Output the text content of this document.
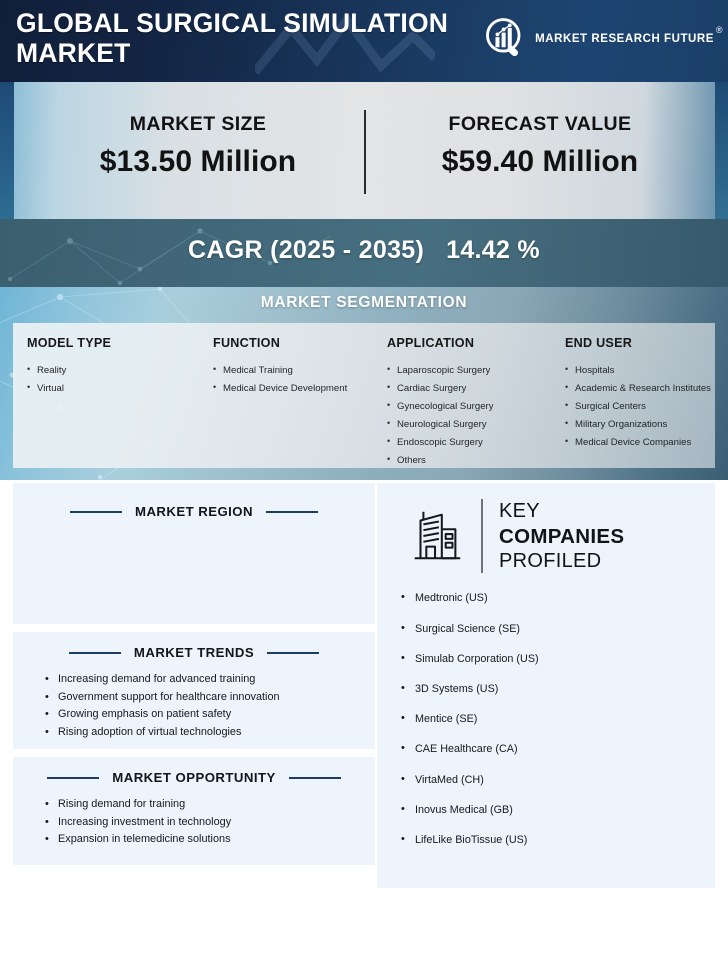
GLOBAL SURGICAL SIMULATION MARKET	MARKET RESEARCH FUTURE
®
MARKET SIZE
$13.50 Million
FORECAST VALUE
$59.40 Million
CAGR (2025 - 2035) 14.42 %
MARKET SEGMENTATION
MODEL TYPE
• Reality
• Virtual
FUNCTION
• Medical Training
• Medical Device Development
APPLICATION
• Laparoscopic Surgery
• Cardiac Surgery
• Gynecological Surgery
• Neurological Surgery
• Endoscopic Surgery
• Others
END USER
• Hospitals
• Academic & Research Institutes
• Surgical Centers
• Military Organizations
• Medical Device Companies
MARKET REGION
MARKET TRENDS
• Increasing demand for advanced training
• Government support for healthcare innovation
• Growing emphasis on patient safety
• Rising adoption of virtual technologies
MARKET OPPORTUNITY
• Rising demand for training
• Increasing investment in technology
• Expansion in telemedicine solutions
KEY
COMPANIES
PROFILED
• Medtronic (US)
• Surgical Science (SE)
• Simulab Corporation (US)
• 3D Systems (US)
• Mentice (SE)
• CAE Healthcare (CA)
• VirtaMed (CH)
• Inovus Medical (GB)
• LifeLike BioTissue (US)
Copyright @ 2025 Market Research Future	www.marketresearchfuture.com
Copyright @ 2026 Market Research Future	www.marketresearchfuture.com
